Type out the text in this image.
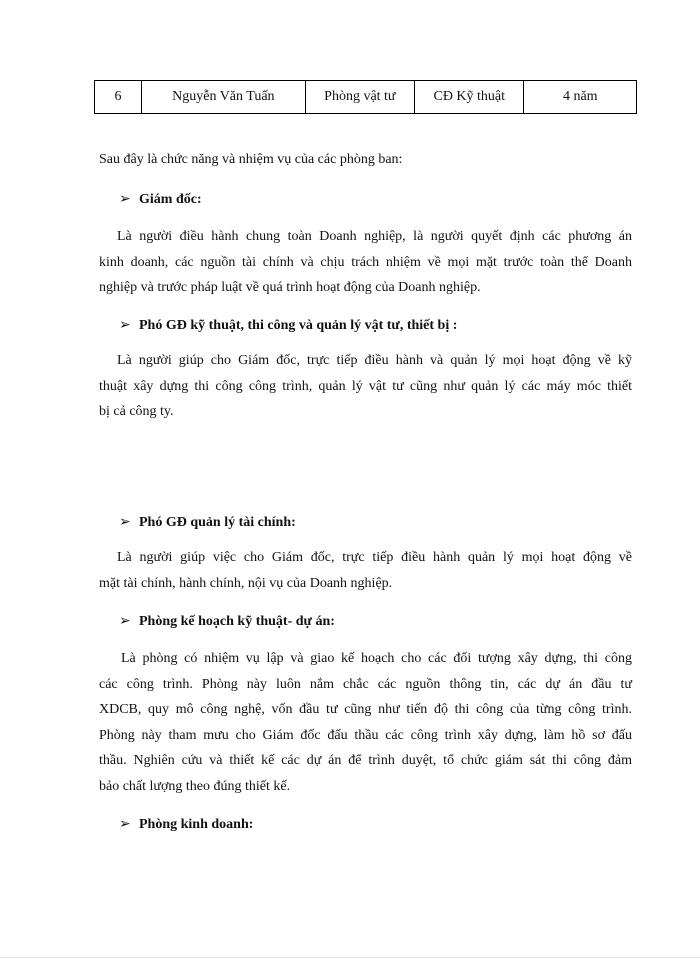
6	Nguyễn Văn Tuấn	Phòng vật tư	CĐ Kỹ thuật	4 năm
Sau đây là chức năng và nhiệm vụ của các phòng ban:
➢ Giám đốc:
Là người điều hành chung toàn Doanh nghiệp, là người quyết định các phương án
kinh doanh, các nguồn tài chính và chịu trách nhiệm về mọi mặt trước toàn thể Doanh
nghiệp và trước pháp luật về quá trình hoạt động của Doanh nghiệp.
➢ Phó GĐ kỹ thuật, thi công và quản lý vật tư, thiết bị :
Là người giúp cho Giám đốc, trực tiếp điều hành và quản lý mọi hoạt động về kỹ
thuật xây dựng thi công công trình, quản lý vật tư cũng như quản lý các máy móc thiết
bị cả công ty.
➢ Phó GĐ quản lý tài chính:
Là người giúp việc cho Giám đốc, trực tiếp điều hành quản lý mọi hoạt động về
mặt tài chính, hành chính, nội vụ của Doanh nghiệp.
➢ Phòng kế hoạch kỹ thuật- dự án:
Là phòng có nhiệm vụ lập và giao kế hoạch cho các đối tượng xây dựng, thi công
các công trình. Phòng này luôn nắm chắc các nguồn thông tin, các dự án đầu tư
XDCB, quy mô công nghệ, vốn đầu tư cũng như tiến độ thi công của từng công trình.
Phòng này tham mưu cho Giám đốc đấu thầu các công trình xây dựng, làm hồ sơ đấu
thầu. Nghiên cứu và thiết kế các dự án để trình duyệt, tổ chức giám sát thi công đảm
bảo chất lượng theo đúng thiết kế.
➢ Phòng kinh doanh:
